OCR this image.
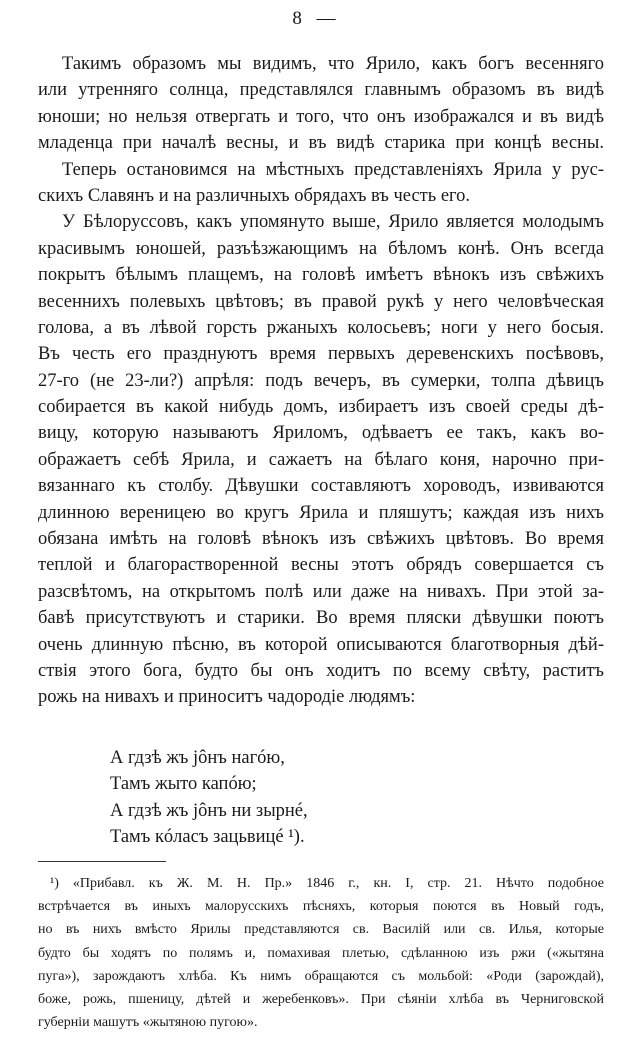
8 —
Такимъ образомъ мы видимъ, что Ярило, какъ богъ весенняго
или утренняго солнца, представлялся главнымъ образомъ въ видѣ
юноши; но нельзя отвергать и того, что онъ изображался и въ видѣ
младенца при началѣ весны, и въ видѣ старика при концѣ весны.
Теперь остановимся на мѣстныхъ представленіяхъ Ярила у рус-
скихъ Славянъ и на различныхъ обрядахъ въ честь его.
У Бѣлоруссовъ, какъ упомянуто выше, Ярило является молодымъ
красивымъ юношей, разъѣзжающимъ на бѣломъ конѣ. Онъ всегда
покрытъ бѣлымъ плащемъ, на головѣ имѣетъ вѣнокъ изъ свѣжихъ
весеннихъ полевыхъ цвѣтовъ; въ правой рукѣ у него человѣческая
голова, а въ лѣвой горсть ржаныхъ колосьевъ; ноги у него босыя.
Въ честь его празднуютъ время первыхъ деревенскихъ посѣвовъ,
27-го (не 23-ли?) апрѣля: подъ вечеръ, въ сумерки, толпа дѣвицъ
собирается въ какой нибудь домъ, избираетъ изъ своей среды дѣ-
вицу, которую называютъ Яриломъ, одѣваетъ ее такъ, какъ во-
ображаетъ себѣ Ярила, и сажаетъ на бѣлаго коня, нарочно при-
вязаннаго къ столбу. Дѣвушки составляютъ хороводъ, извиваются
длинною вереницею во кругъ Ярила и пляшутъ; каждая изъ нихъ
обязана имѣть на головѣ вѣнокъ изъ свѣжихъ цвѣтовъ. Во время
теплой и благорастворенной весны этотъ обрядъ совершается съ
разсвѣтомъ, на открытомъ полѣ или даже на нивахъ. При этой за-
бавѣ присутствуютъ и старики. Во время пляски дѣвушки поютъ
очень длинную пѣсню, въ которой описываются благотворныя дѣй-
ствія этого бога, будто бы онъ ходитъ по всему свѣту, раститъ
рожь на нивахъ и приноситъ чадородіе людямъ:
А гдзѣ жъ jôнъ нагóю,
Тамъ жыто капóю;
А гдзѣ жъ jôнъ ни зырнé,
Тамъ кóласъ зацьвицé ¹).
¹) «Прибавл. къ Ж. М. Н. Пр.» 1846 г., кн. I, стр. 21. Нѣчто подобное
встрѣчается въ иныхъ малорусскихъ пѣсняхъ, которыя поются въ Новый годъ,
но въ нихъ вмѣсто Ярилы представляются св. Василій или св. Илья, которые
будто бы ходятъ по полямъ и, помахивая плетью, сдѣланною изъ ржи («жытяна
пуга»), зарождаютъ хлѣба. Къ нимъ обращаются съ мольбой: «Роди (зарождай),
боже, рожь, пшеницу, дѣтей и жеребенковъ». При сѣяніи хлѣба въ Черниговской
губерніи машутъ «жытяною пугою».
